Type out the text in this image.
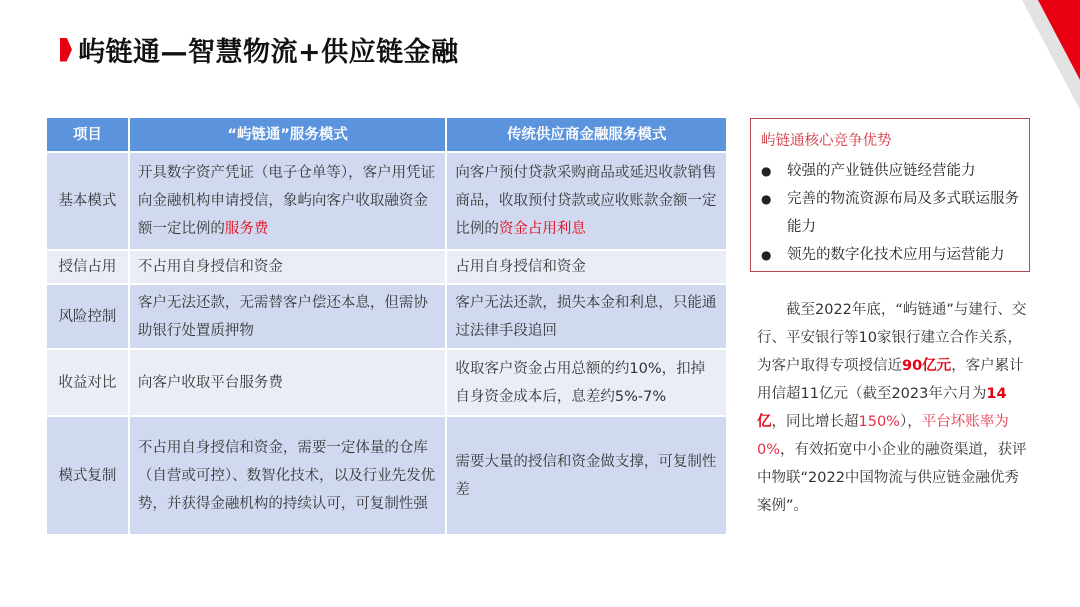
屿链通—智慧物流+供应链金融
项目	“屿链通”服务模式	传统供应商金融服务模式
基本模式	开具数字资产凭证（电子仓单等），客户用凭证向金融机构申请授信，象屿向客户收取融资金额一定比例的服务费	向客户预付贷款采购商品或延迟收款销售商品，收取预付贷款或应收账款金额一定比例的资金占用利息
授信占用	不占用自身授信和资金	占用自身授信和资金
风险控制	客户无法还款，无需替客户偿还本息，但需协助银行处置质押物	客户无法还款，损失本金和利息，只能通过法律手段追回
收益对比	向客户收取平台服务费	收取客户资金占用总额的约10%，扣掉自身资金成本后，息差约5%-7%
模式复制	不占用自身授信和资金，需要一定体量的仓库（自营或可控）、数智化技术，以及行业先发优势，并获得金融机构的持续认可，可复制性强	需要大量的授信和资金做支撑，可复制性差
屿链通核心竞争优势
●	较强的产业链供应链经营能力
●	完善的物流资源布局及多式联运服务能力
●	领先的数字化技术应用与运营能力
截至2022年底，“屿链通”与建行、交行、平安银行等10家银行建立合作关系，为客户取得专项授信近90亿元，客户累计用信超11亿元（截至2023年六月为14亿，同比增长超150%），平台坏账率为0%，有效拓宽中小企业的融资渠道，获评中物联“2022中国物流与供应链金融优秀案例”。
